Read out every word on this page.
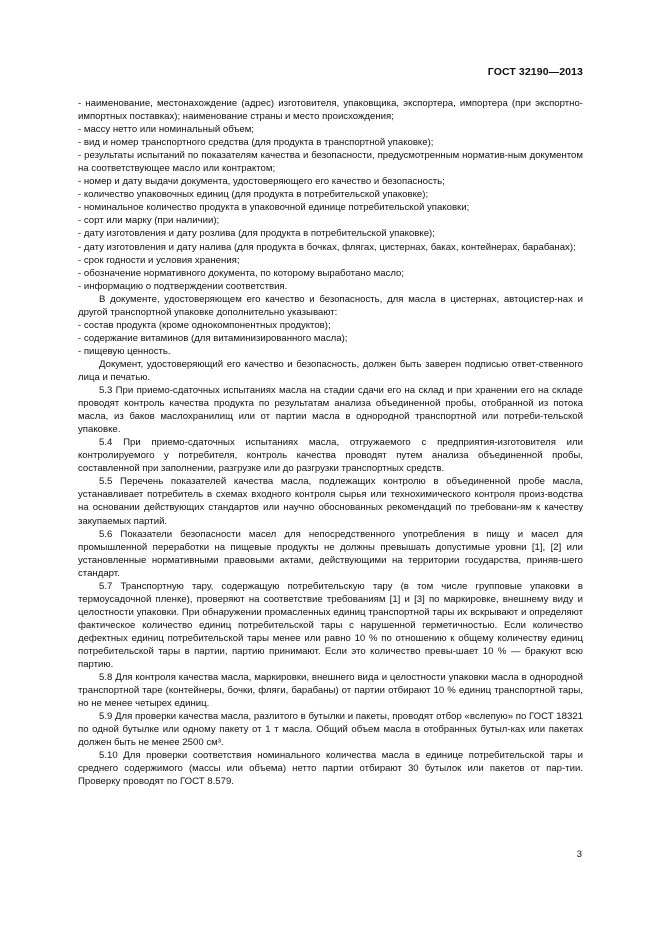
ГОСТ 32190—2013

- наименование, местонахождение (адрес) изготовителя, упаковщика, экспортера, импортера (при экспортно-импортных поставках); наименование страны и место происхождения;

- массу нетто или номинальный объем;

- вид и номер транспортного средства (для продукта в транспортной упаковке);

- результаты испытаний по показателям качества и безопасности, предусмотренным норматив-ным документом на соответствующее масло или контрактом;

- номер и дату выдачи документа, удостоверяющего его качество и безопасность;

- количество упаковочных единиц (для продукта в потребительской упаковке);

- номинальное количество продукта в упаковочной единице потребительской упаковки;

- сорт или марку (при наличии);

- дату изготовления и дату розлива (для продукта в потребительской упаковке);

- дату изготовления и дату налива (для продукта в бочках, флягах, цистернах, баках, контейнерах, барабанах);

- срок годности и условия хранения;

- обозначение нормативного документа, по которому выработано масло;

- информацию о подтверждении соответствия.

В документе, удостоверяющем его качество и безопасность, для масла в цистернах, автоцистер-нах и другой транспортной упаковке дополнительно указывают:

- состав продукта (кроме однокомпонентных продуктов);

- содержание витаминов (для витаминизированного масла);

- пищевую ценность.

Документ, удостоверяющий его качество и безопасность, должен быть заверен подписью ответ-ственного лица и печатью.

5.3 При приемо-сдаточных испытаниях масла на стадии сдачи его на склад и при хранении его на складе проводят контроль качества продукта по результатам анализа объединенной пробы, отобранной из потока масла, из баков маслохранилищ или от партии масла в однородной транспортной или потреби-тельской упаковке.

5.4 При приемо-сдаточных испытаниях масла, отгружаемого с предприятия-изготовителя или контролируемого у потребителя, контроль качества проводят путем анализа объединенной пробы, составленной при заполнении, разгрузке или до разгрузки транспортных средств.

5.5 Перечень показателей качества масла, подлежащих контролю в объединенной пробе масла, устанавливает потребитель в схемах входного контроля сырья или технохимического контроля произ-водства на основании действующих стандартов или научно обоснованных рекомендаций по требовани-ям к качеству закупаемых партий.

5.6 Показатели безопасности масел для непосредственного употребления в пищу и масел для промышленной переработки на пищевые продукты не должны превышать допустимые уровни [1], [2] или установленные нормативными правовыми актами, действующими на территории государства, приняв-шего стандарт.

5.7 Транспортную тару, содержащую потребительскую тару (в том числе групповые упаковки в термоусадочной пленке), проверяют на соответствие требованиям [1] и [3] по маркировке, внешнему виду и целостности упаковки. При обнаружении промасленных единиц транспортной тары их вскрывают и определяют фактическое количество единиц потребительской тары с нарушенной герметичностью. Если количество дефектных единиц потребительской тары менее или равно 10 % по отношению к общему количеству единиц потребительской тары в партии, партию принимают. Если это количество превы-шает 10 % — бракуют всю партию.

5.8 Для контроля качества масла, маркировки, внешнего вида и целостности упаковки масла в однородной транспортной таре (контейнеры, бочки, фляги, барабаны) от партии отбирают 10 % единиц транспортной тары, но не менее четырех единиц.

5.9 Для проверки качества масла, разлитого в бутылки и пакеты, проводят отбор «вслепую» по ГОСТ 18321 по одной бутылке или одному пакету от 1 т масла. Общий объем масла в отобранных бутыл-ках или пакетах должен быть не менее 2500 см³.

5.10 Для проверки соответствия номинального количества масла в единице потребительской тары и среднего содержимого (массы или объема) нетто партии отбирают 30 бутылок или пакетов от пар-тии. Проверку проводят по ГОСТ 8.579.

3
